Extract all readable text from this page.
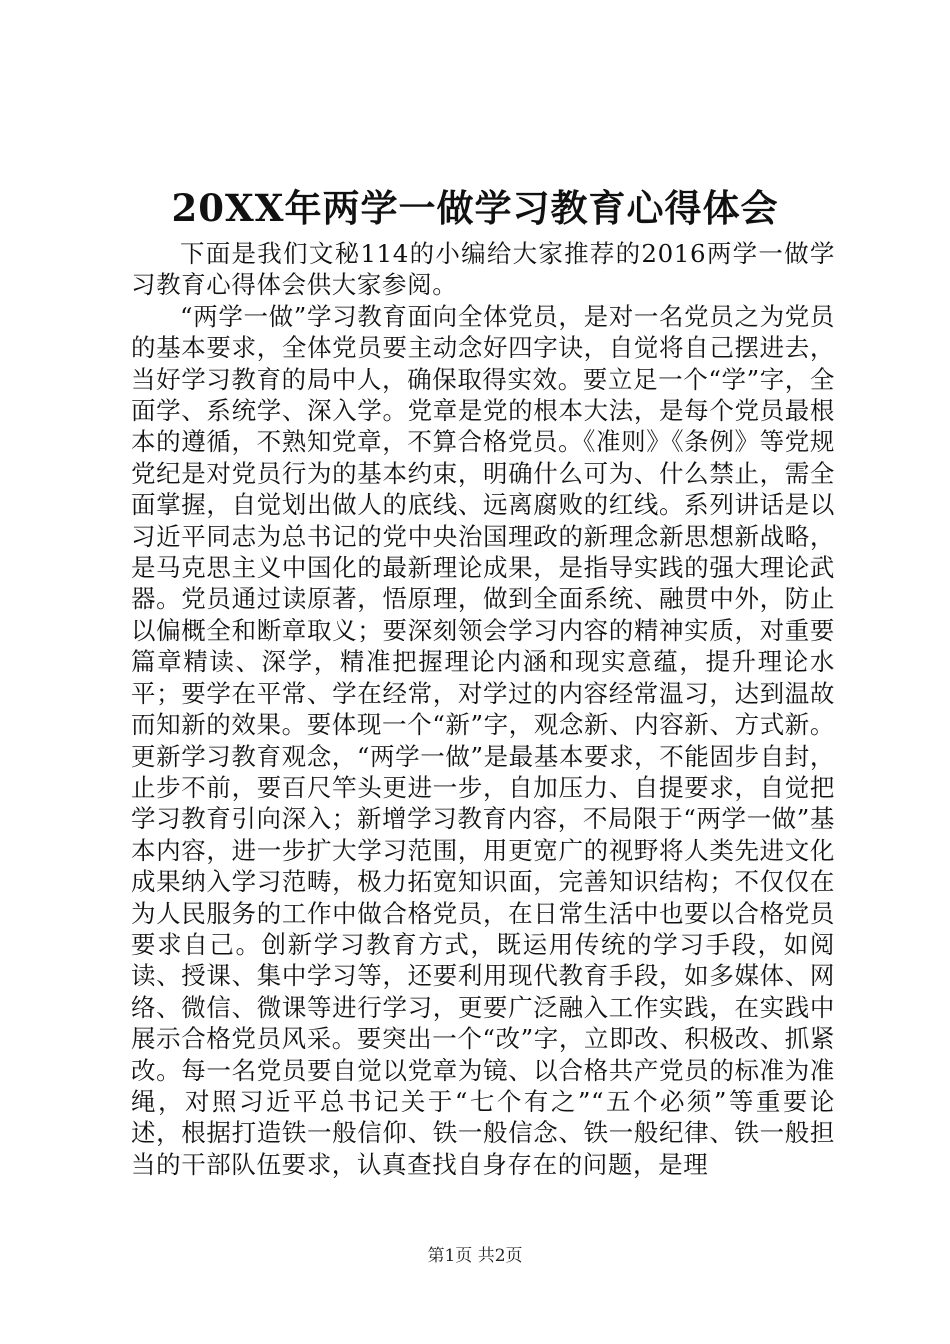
20XX年两学一做学习教育心得体会

下面是我们文秘114的小编给大家推荐的2016两学一做学习教育心得体会供大家参阅。

“两学一做”学习教育面向全体党员，是对一名党员之为党员的基本要求，全体党员要主动念好四字诀，自觉将自己摆进去，当好学习教育的局中人，确保取得实效。要立足一个“学”字，全面学、系统学、深入学。党章是党的根本大法，是每个党员最根本的遵循，不熟知党章，不算合格党员。《准则》《条例》等党规党纪是对党员行为的基本约束，明确什么可为、什么禁止，需全面掌握，自觉划出做人的底线、远离腐败的红线。系列讲话是以习近平同志为总书记的党中央治国理政的新理念新思想新战略，是马克思主义中国化的最新理论成果，是指导实践的强大理论武器。党员通过读原著，悟原理，做到全面系统、融贯中外，防止以偏概全和断章取义；要深刻领会学习内容的精神实质，对重要篇章精读、深学，精准把握理论内涵和现实意蕴，提升理论水平；要学在平常、学在经常，对学过的内容经常温习，达到温故而知新的效果。要体现一个“新”字，观念新、内容新、方式新。更新学习教育观念，“两学一做”是最基本要求，不能固步自封，止步不前，要百尺竿头更进一步，自加压力、自提要求，自觉把学习教育引向深入；新增学习教育内容，不局限于“两学一做”基本内容，进一步扩大学习范围，用更宽广的视野将人类先进文化成果纳入学习范畴，极力拓宽知识面，完善知识结构；不仅仅在为人民服务的工作中做合格党员，在日常生活中也要以合格党员要求自己。创新学习教育方式，既运用传统的学习手段，如阅读、授课、集中学习等，还要利用现代教育手段，如多媒体、网络、微信、微课等进行学习，更要广泛融入工作实践，在实践中展示合格党员风采。要突出一个“改”字，立即改、积极改、抓紧改。每一名党员要自觉以党章为镜、以合格共产党员的标准为准绳，对照习近平总书记关于“七个有之”“五个必须”等重要论述，根据打造铁一般信仰、铁一般信念、铁一般纪律、铁一般担当的干部队伍要求，认真查找自身存在的问题，是理

第1页 共2页
